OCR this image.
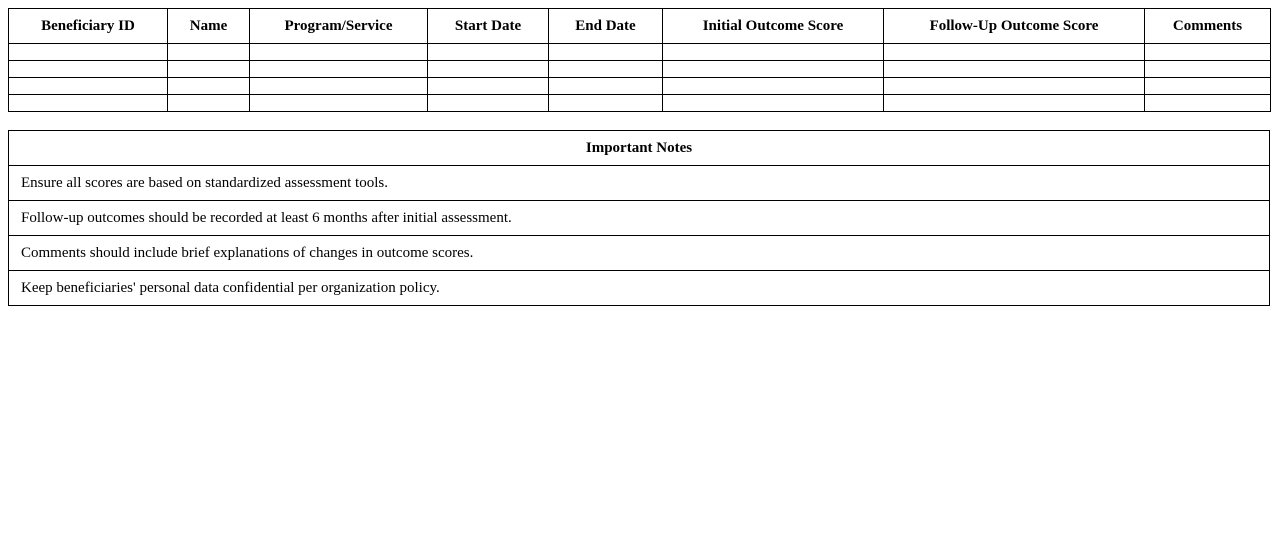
Beneficiary ID	Name	Program/Service	Start Date	End Date	Initial Outcome Score	Follow-Up Outcome Score	Comments

Important Notes
Ensure all scores are based on standardized assessment tools.
Follow-up outcomes should be recorded at least 6 months after initial assessment.
Comments should include brief explanations of changes in outcome scores.
Keep beneficiaries' personal data confidential per organization policy.
